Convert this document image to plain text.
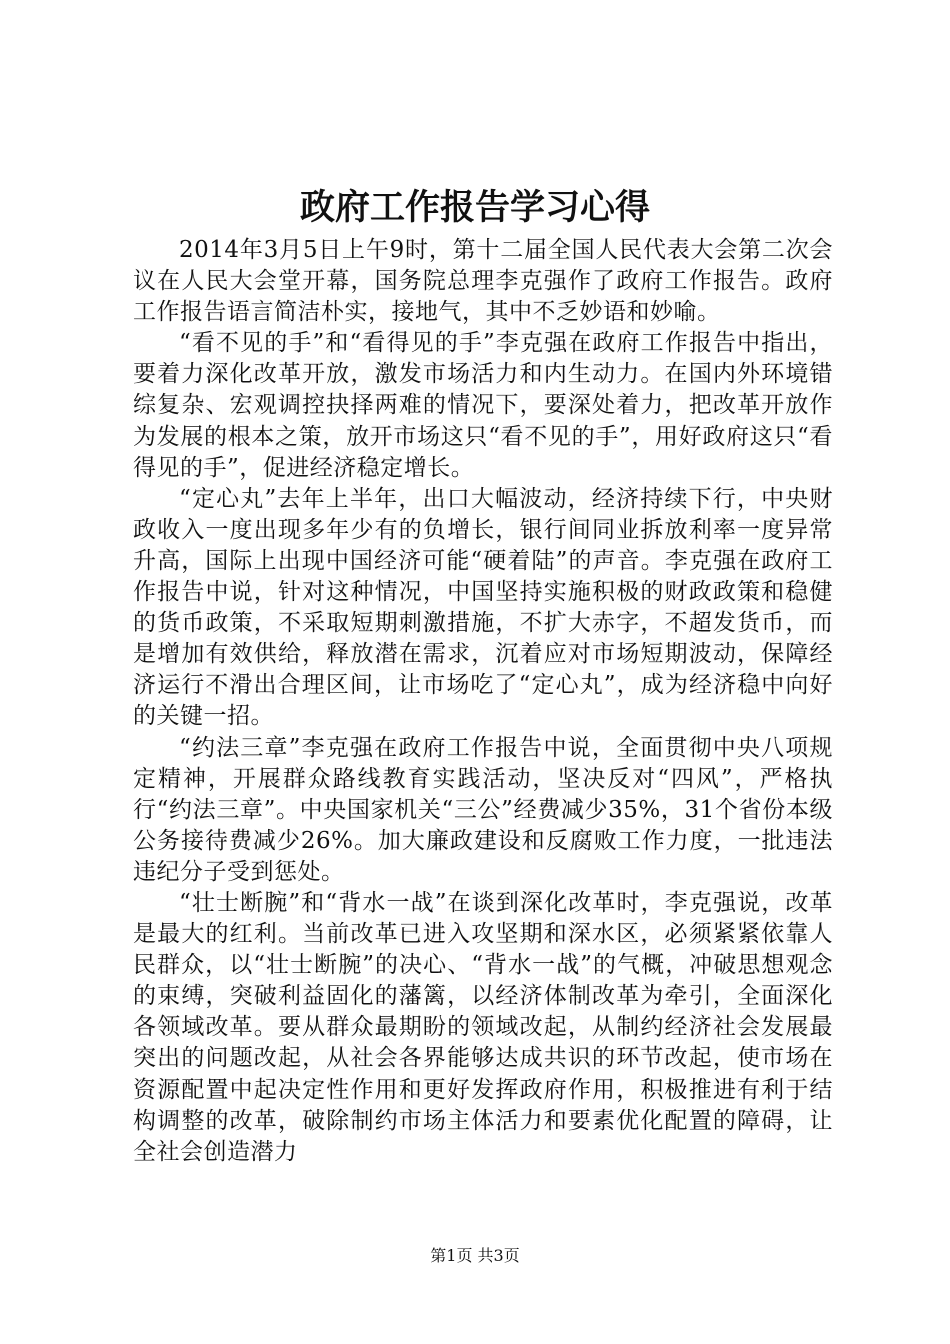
政府工作报告学习心得

2014年3月5日上午9时，第十二届全国人民代表大会第二次会议在人民大会堂开幕，国务院总理李克强作了政府工作报告。政府工作报告语言简洁朴实，接地气，其中不乏妙语和妙喻。

“看不见的手”和“看得见的手”李克强在政府工作报告中指出，要着力深化改革开放，激发市场活力和内生动力。在国内外环境错综复杂、宏观调控抉择两难的情况下，要深处着力，把改革开放作为发展的根本之策，放开市场这只“看不见的手”，用好政府这只“看得见的手”，促进经济稳定增长。

“定心丸”去年上半年，出口大幅波动，经济持续下行，中央财政收入一度出现多年少有的负增长，银行间同业拆放利率一度异常升高，国际上出现中国经济可能“硬着陆”的声音。李克强在政府工作报告中说，针对这种情况，中国坚持实施积极的财政政策和稳健的货币政策，不采取短期刺激措施，不扩大赤字，不超发货币，而是增加有效供给，释放潜在需求，沉着应对市场短期波动，保障经济运行不滑出合理区间，让市场吃了“定心丸”，成为经济稳中向好的关键一招。

“约法三章”李克强在政府工作报告中说，全面贯彻中央八项规定精神，开展群众路线教育实践活动，坚决反对“四风”，严格执行“约法三章”。中央国家机关“三公”经费减少35%，31个省份本级公务接待费减少26%。加大廉政建设和反腐败工作力度，一批违法违纪分子受到惩处。

“壮士断腕”和“背水一战”在谈到深化改革时，李克强说，改革是最大的红利。当前改革已进入攻坚期和深水区，必须紧紧依靠人民群众，以“壮士断腕”的决心、“背水一战”的气概，冲破思想观念的束缚，突破利益固化的藩篱，以经济体制改革为牵引，全面深化各领域改革。要从群众最期盼的领域改起，从制约经济社会发展最突出的问题改起，从社会各界能够达成共识的环节改起，使市场在资源配置中起决定性作用和更好发挥政府作用，积极推进有利于结构调整的改革，破除制约市场主体活力和要素优化配置的障碍，让全社会创造潜力

第1页 共3页
